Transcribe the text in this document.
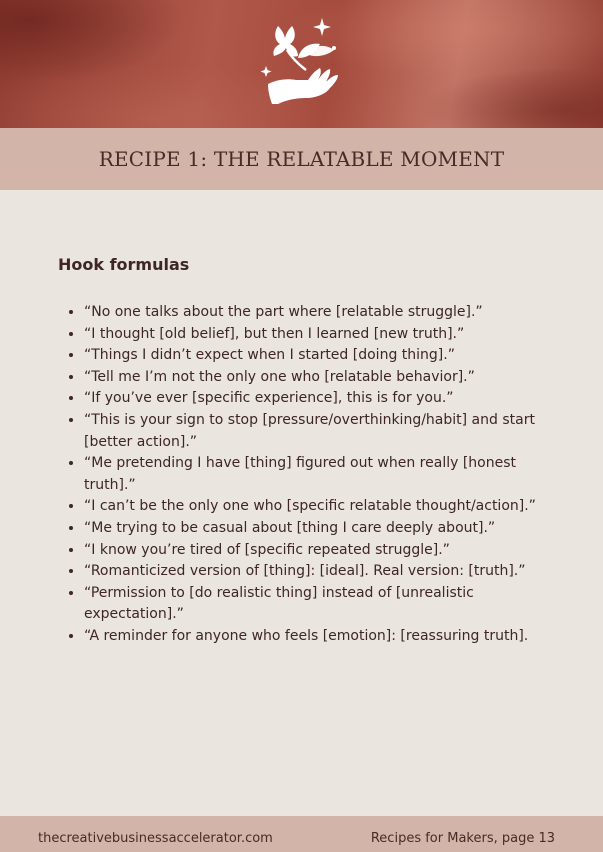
RECIPE 1: THE RELATABLE MOMENT
Hook formulas
• “No one talks about the part where [relatable struggle].”
• “I thought [old belief], but then I learned [new truth].”
• “Things I didn’t expect when I started [doing thing].”
• “Tell me I’m not the only one who [relatable behavior].”
• “If you’ve ever [specific experience], this is for you.”
• “This is your sign to stop [pressure/overthinking/habit] and start [better action].”
• “Me pretending I have [thing] figured out when really [honest truth].”
• “I can’t be the only one who [specific relatable thought/action].”
• “Me trying to be casual about [thing I care deeply about].”
• “I know you’re tired of [specific repeated struggle].”
• “Romanticized version of [thing]: [ideal]. Real version: [truth].”
• “Permission to [do realistic thing] instead of [unrealistic expectation].”
• “A reminder for anyone who feels [emotion]: [reassuring truth].
thecreativebusinessaccelerator.com	Recipes for Makers, page 13
